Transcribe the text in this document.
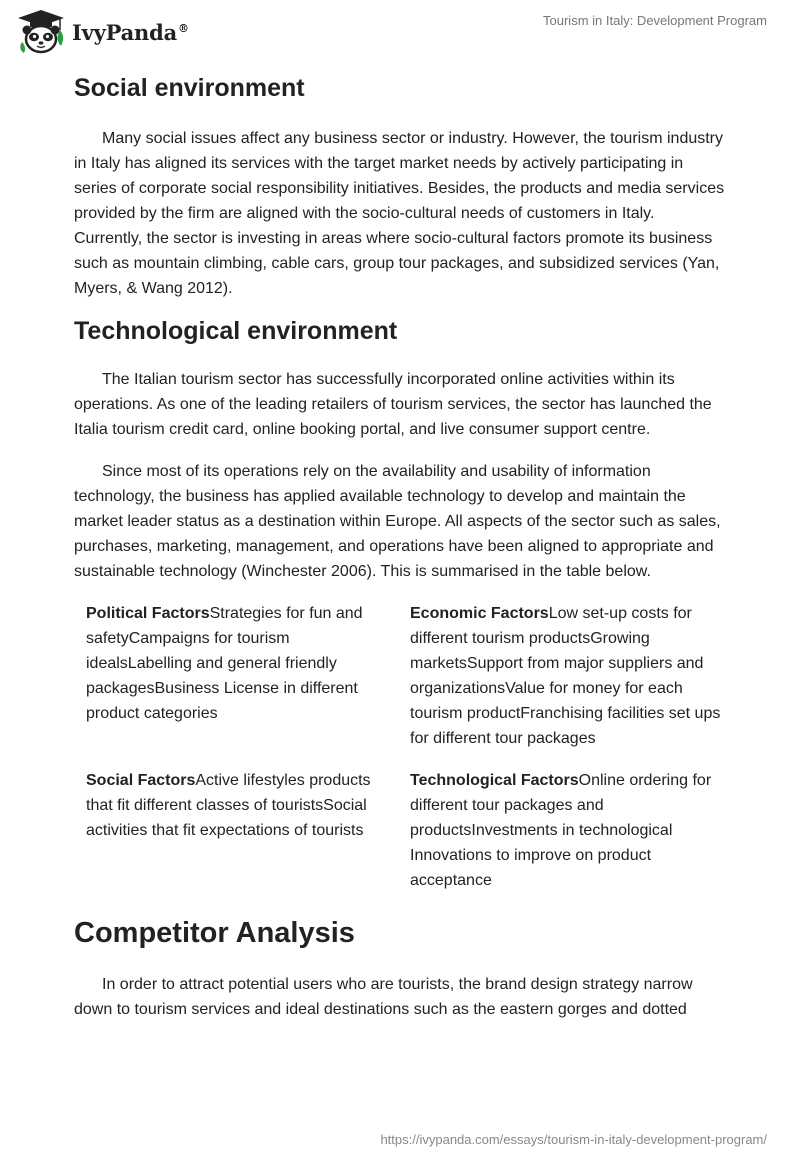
IvyPanda®	Tourism in Italy: Development Program
Social environment

Many social issues affect any business sector or industry. However, the tourism industry in Italy has aligned its services with the target market needs by actively participating in series of corporate social responsibility initiatives. Besides, the products and media services provided by the firm are aligned with the socio-cultural needs of customers in Italy. Currently, the sector is investing in areas where socio-cultural factors promote its business such as mountain climbing, cable cars, group tour packages, and subsidized services (Yan, Myers, & Wang 2012).

Technological environment

The Italian tourism sector has successfully incorporated online activities within its operations. As one of the leading retailers of tourism services, the sector has launched the Italia tourism credit card, online booking portal, and live consumer support centre.

Since most of its operations rely on the availability and usability of information technology, the business has applied available technology to develop and maintain the market leader status as a destination within Europe. All aspects of the sector such as sales, purchases, marketing, management, and operations have been aligned to appropriate and sustainable technology (Winchester 2006). This is summarised in the table below.

Political FactorsStrategies for fun and safetyCampaigns for tourism idealsLabelling and general friendly packagesBusiness License in different product categories
Economic FactorsLow set-up costs for different tourism productsGrowing marketsSupport from major suppliers and organizationsValue for money for each tourism productFranchising facilities set ups for different tour packages
Social FactorsActive lifestyles products that fit different classes of touristsSocial activities that fit expectations of tourists
Technological FactorsOnline ordering for different tour packages and productsInvestments in technological Innovations to improve on product acceptance
Competitor Analysis

In order to attract potential users who are tourists, the brand design strategy narrow down to tourism services and ideal destinations such as the eastern gorges and dotted

https://ivypanda.com/essays/tourism-in-italy-development-program/
